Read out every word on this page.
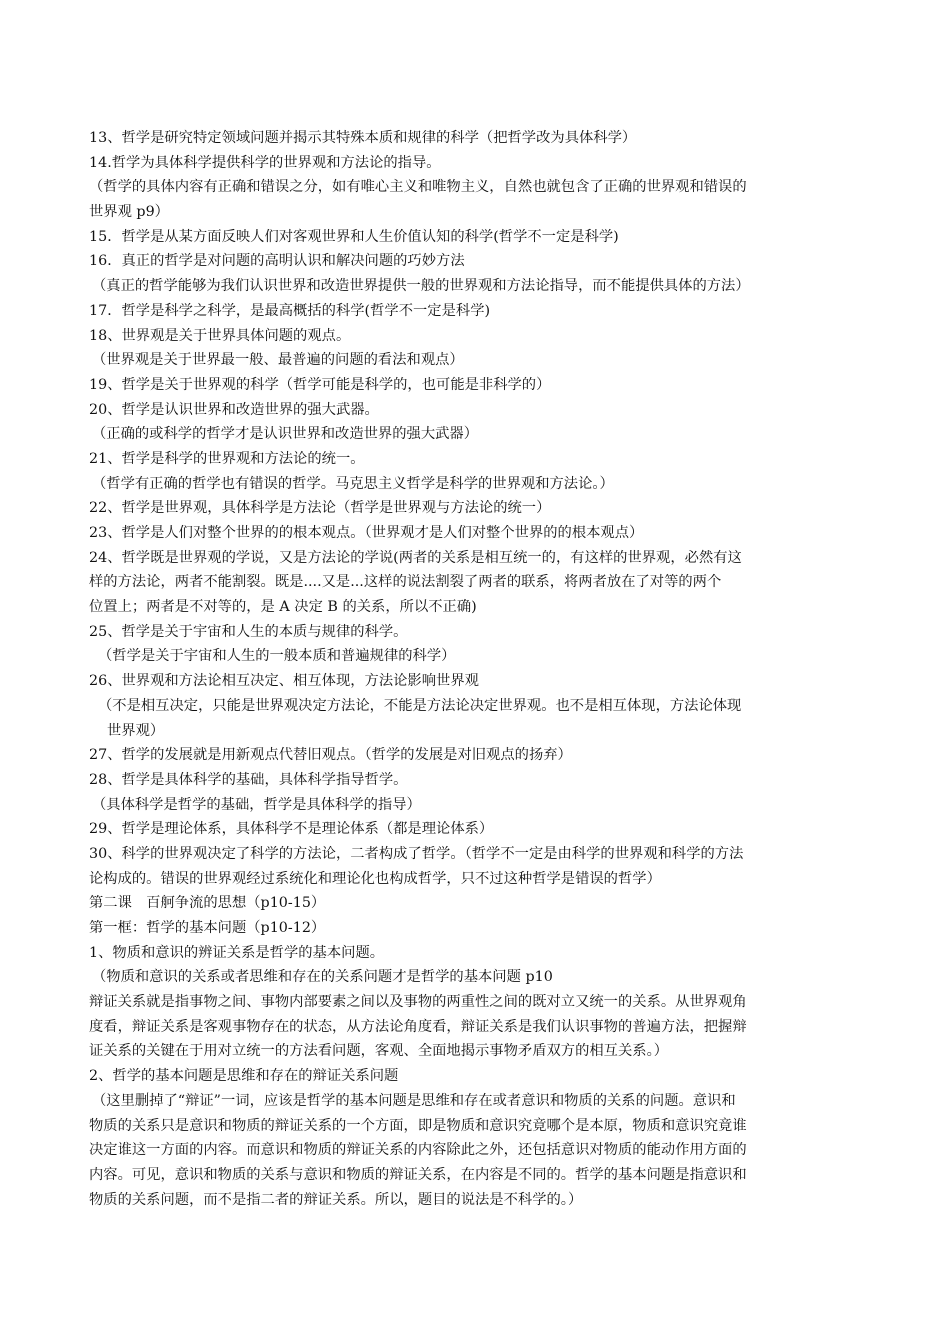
13、哲学是研究特定领域问题并揭示其特殊本质和规律的科学（把哲学改为具体科学）
14.哲学为具体科学提供科学的世界观和方法论的指导。
（哲学的具体内容有正确和错误之分，如有唯心主义和唯物主义，自然也就包含了正确的世界观和错误的
世界观 p9）
15．哲学是从某方面反映人们对客观世界和人生价值认知的科学(哲学不一定是科学)
16．真正的哲学是对问题的高明认识和解决问题的巧妙方法
（真正的哲学能够为我们认识世界和改造世界提供一般的世界观和方法论指导，而不能提供具体的方法）
17．哲学是科学之科学，是最高概括的科学(哲学不一定是科学)
18、世界观是关于世界具体问题的观点。
（世界观是关于世界最一般、最普遍的问题的看法和观点）
19、哲学是关于世界观的科学（哲学可能是科学的，也可能是非科学的）
20、哲学是认识世界和改造世界的强大武器。
（正确的或科学的哲学才是认识世界和改造世界的强大武器）
21、哲学是科学的世界观和方法论的统一。
（哲学有正确的哲学也有错误的哲学。马克思主义哲学是科学的世界观和方法论。）
22、哲学是世界观，具体科学是方法论（哲学是世界观与方法论的统一）
23、哲学是人们对整个世界的的根本观点。（世界观才是人们对整个世界的的根本观点）
24、哲学既是世界观的学说，又是方法论的学说(两者的关系是相互统一的，有这样的世界观，必然有这
样的方法论，两者不能割裂。既是....又是...这样的说法割裂了两者的联系，将两者放在了对等的两个
位置上；两者是不对等的，是 A 决定 B 的关系，所以不正确)
25、哲学是关于宇宙和人生的本质与规律的科学。
（哲学是关于宇宙和人生的一般本质和普遍规律的科学）
26、世界观和方法论相互决定、相互体现，方法论影响世界观
（不是相互决定，只能是世界观决定方法论，不能是方法论决定世界观。也不是相互体现，方法论体现
世界观）
27、哲学的发展就是用新观点代替旧观点。（哲学的发展是对旧观点的扬弃）
28、哲学是具体科学的基础，具体科学指导哲学。
（具体科学是哲学的基础，哲学是具体科学的指导）
29、哲学是理论体系，具体科学不是理论体系（都是理论体系）
30、科学的世界观决定了科学的方法论，二者构成了哲学。（哲学不一定是由科学的世界观和科学的方法
论构成的。错误的世界观经过系统化和理论化也构成哲学，只不过这种哲学是错误的哲学）
第二课　百舸争流的思想（p10-15）
第一框：哲学的基本问题（p10-12）
1、物质和意识的辨证关系是哲学的基本问题。
（物质和意识的关系或者思维和存在的关系问题才是哲学的基本问题 p10
辩证关系就是指事物之间、事物内部要素之间以及事物的两重性之间的既对立又统一的关系。从世界观角
度看，辩证关系是客观事物存在的状态，从方法论角度看，辩证关系是我们认识事物的普遍方法，把握辩
证关系的关键在于用对立统一的方法看问题，客观、全面地揭示事物矛盾双方的相互关系。）
2、哲学的基本问题是思维和存在的辩证关系问题
（这里删掉了“辩证”一词，应该是哲学的基本问题是思维和存在或者意识和物质的关系的问题。意识和
物质的关系只是意识和物质的辩证关系的一个方面，即是物质和意识究竟哪个是本原，物质和意识究竟谁
决定谁这一方面的内容。而意识和物质的辩证关系的内容除此之外，还包括意识对物质的能动作用方面的
内容。可见，意识和物质的关系与意识和物质的辩证关系，在内容是不同的。哲学的基本问题是指意识和
物质的关系问题，而不是指二者的辩证关系。所以，题目的说法是不科学的。）
